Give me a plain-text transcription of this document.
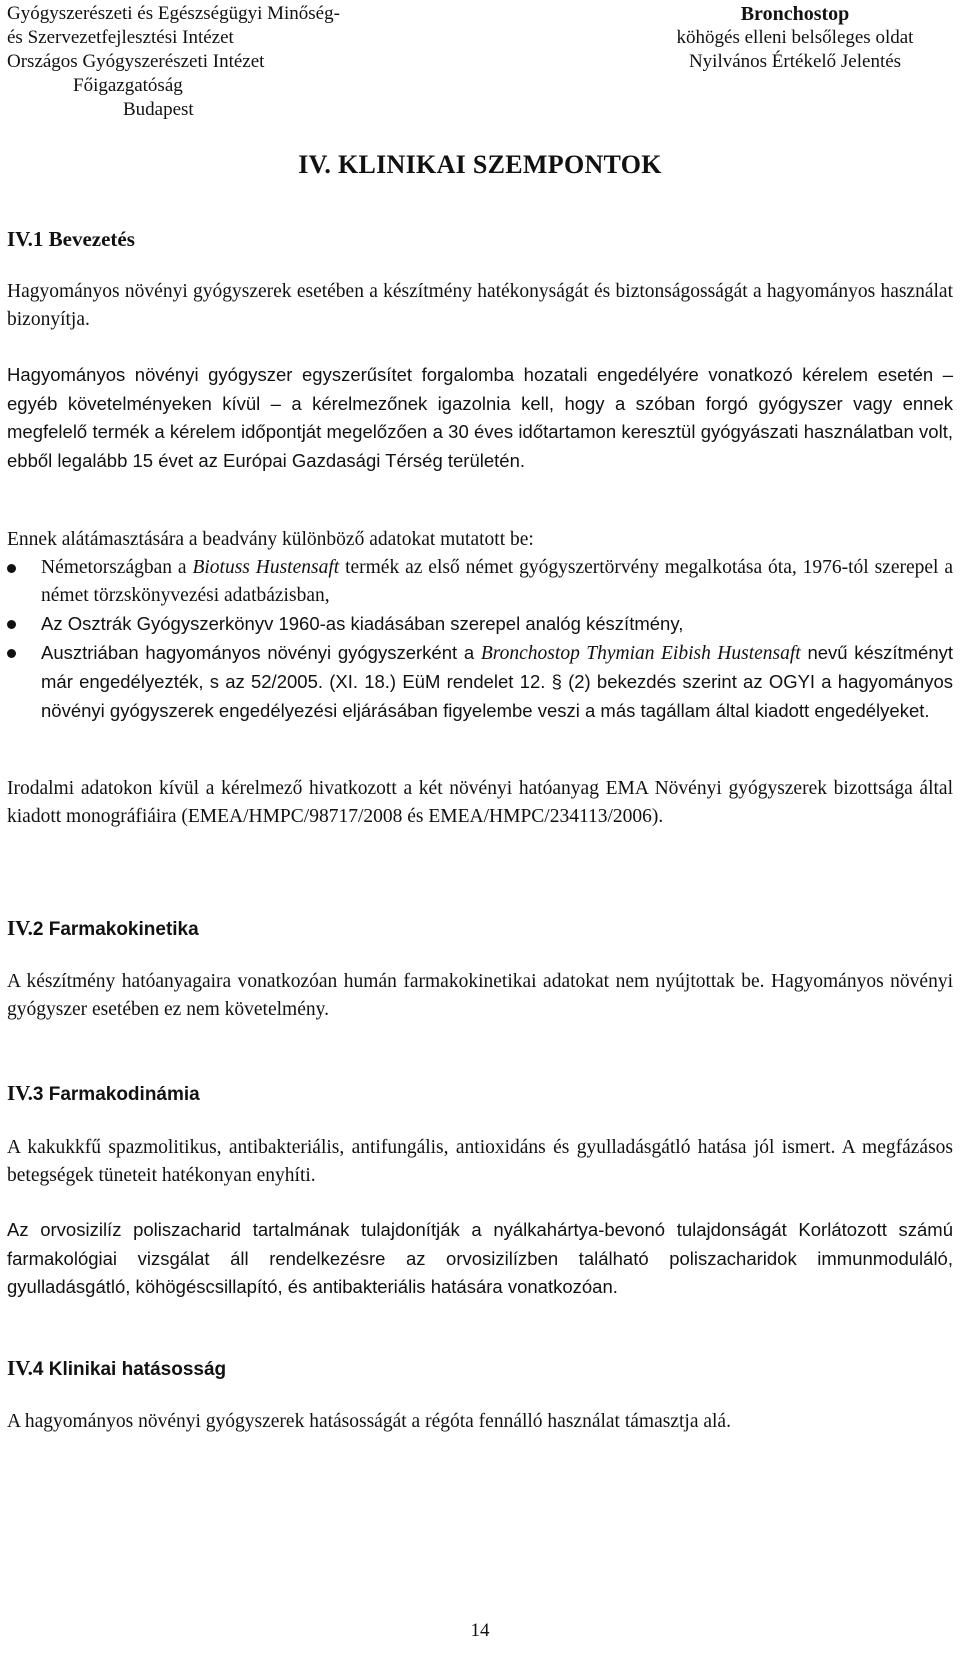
Gyógyszerészeti és Egészségügyi Minőség-
és Szervezetfejlesztési Intézet
Országos Gyógyszerészeti Intézet
Főigazgatóság
Budapest
Bronchostop
köhögés elleni belsőleges oldat
Nyilvános Értékelő Jelentés
IV. KLINIKAI SZEMPONTOK
IV.1 Bevezetés

Hagyományos növényi gyógyszerek esetében a készítmény hatékonyságát és biztonságosságát a hagyományos használat bizonyítja.

Hagyományos növényi gyógyszer egyszerűsítet forgalomba hozatali engedélyére vonatkozó kérelem esetén – egyéb követelményeken kívül – a kérelmezőnek igazolnia kell, hogy a szóban forgó gyógyszer vagy ennek megfelelő termék a kérelem időpontját megelőzően a 30 éves időtartamon keresztül gyógyászati használatban volt, ebből legalább 15 évet az Európai Gazdasági Térség területén.

Ennek alátámasztására a beadvány különböző adatokat mutatott be:

Németországban a Biotuss Hustensaft termék az első német gyógyszertörvény megalkotása óta, 1976-tól szerepel a német törzskönyvezési adatbázisban,
Az Osztrák Gyógyszerkönyv 1960-as kiadásában szerepel analóg készítmény,
Ausztriában hagyományos növényi gyógyszerként a Bronchostop Thymian Eibish Hustensaft nevű készítményt már engedélyezték, s az 52/2005. (XI. 18.) EüM rendelet 12. § (2) bekezdés szerint az OGYI a hagyományos növényi gyógyszerek engedélyezési eljárásában figyelembe veszi a más tagállam által kiadott engedélyeket.

Irodalmi adatokon kívül a kérelmező hivatkozott a két növényi hatóanyag EMA Növényi gyógyszerek bizottsága által kiadott monográfiáira (EMEA/HMPC/98717/2008 és EMEA/HMPC/234113/2006).

IV.2 Farmakokinetika

A készítmény hatóanyagaira vonatkozóan humán farmakokinetikai adatokat nem nyújtottak be. Hagyományos növényi gyógyszer esetében ez nem követelmény.

IV.3 Farmakodinámia

A kakukkfű spazmolitikus, antibakteriális, antifungális, antioxidáns és gyulladásgátló hatása jól ismert. A megfázásos betegségek tüneteit hatékonyan enyhíti.

Az orvosizilíz poliszacharid tartalmának tulajdonítják a nyálkahártya-bevonó tulajdonságát Korlátozott számú farmakológiai vizsgálat áll rendelkezésre az orvosizilízben található poliszacharidok immunmoduláló, gyulladásgátló, köhögéscsillapító, és antibakteriális hatására vonatkozóan.

IV.4 Klinikai hatásosság

A hagyományos növényi gyógyszerek hatásosságát a régóta fennálló használat támasztja alá.

14
